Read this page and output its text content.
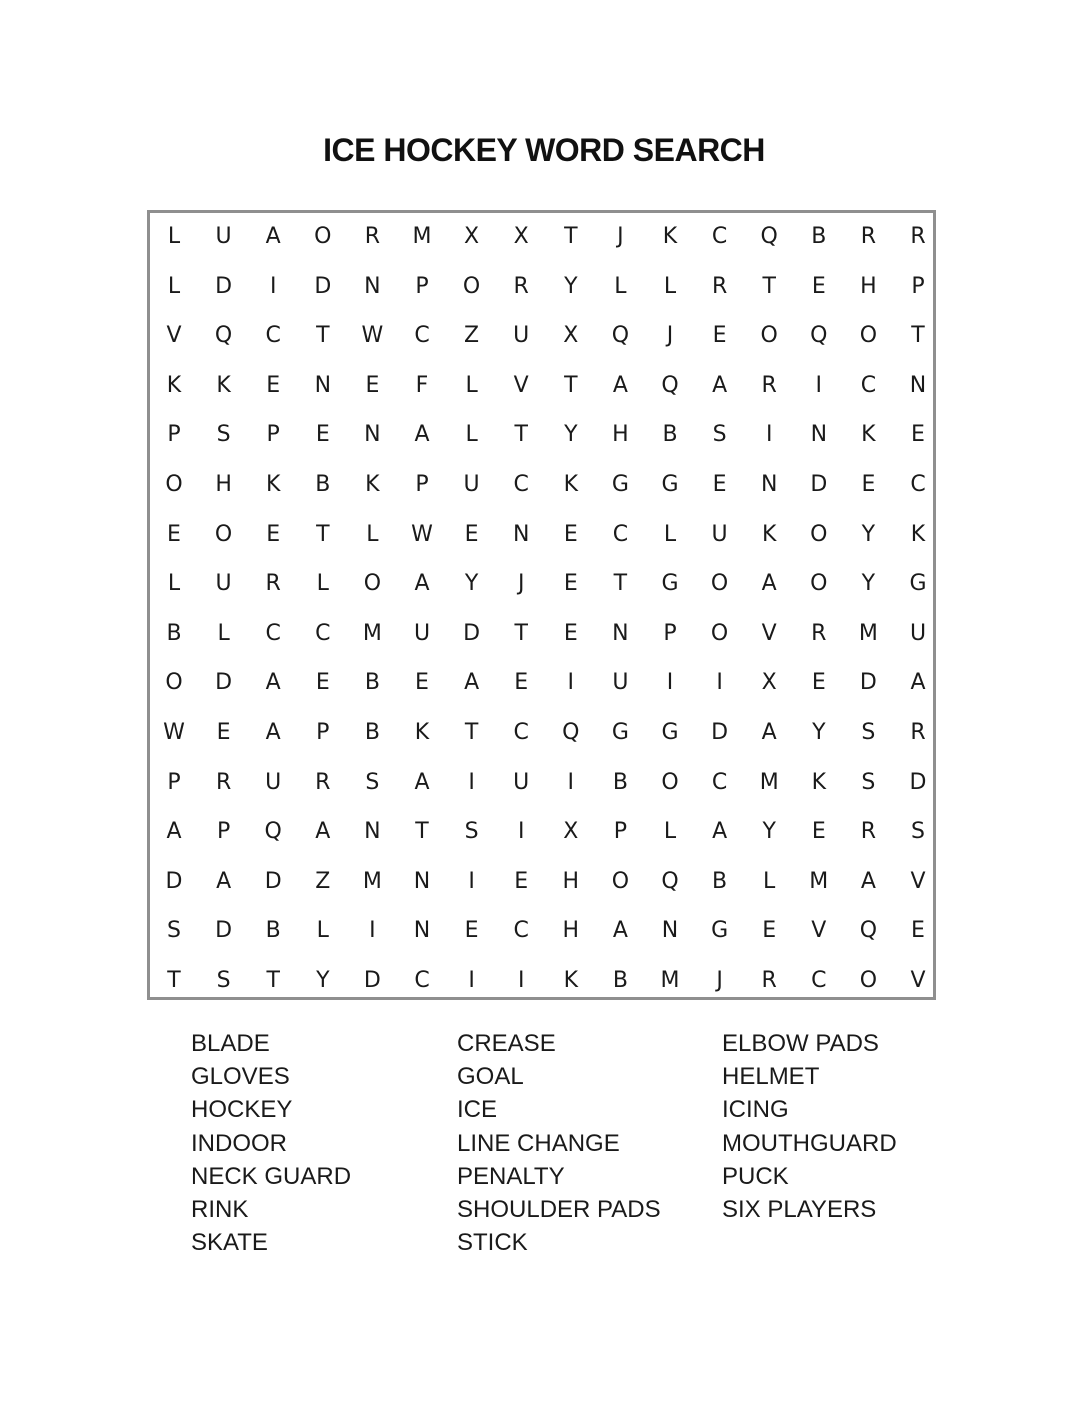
ICE HOCKEY WORD SEARCH
L	U	A	O	R	M	X	X	T	J	K	C	Q	B	R	R
L	D	I	D	N	P	O	R	Y	L	L	R	T	E	H	P
V	Q	C	T	W	C	Z	U	X	Q	J	E	O	Q	O	T
K	K	E	N	E	F	L	V	T	A	Q	A	R	I	C	N
P	S	P	E	N	A	L	T	Y	H	B	S	I	N	K	E
O	H	K	B	K	P	U	C	K	G	G	E	N	D	E	C
E	O	E	T	L	W	E	N	E	C	L	U	K	O	Y	K
L	U	R	L	O	A	Y	J	E	T	G	O	A	O	Y	G
B	L	C	C	M	U	D	T	E	N	P	O	V	R	M	U
O	D	A	E	B	E	A	E	I	U	I	I	X	E	D	A
W	E	A	P	B	K	T	C	Q	G	G	D	A	Y	S	R
P	R	U	R	S	A	I	U	I	B	O	C	M	K	S	D
A	P	Q	A	N	T	S	I	X	P	L	A	Y	E	R	S
D	A	D	Z	M	N	I	E	H	O	Q	B	L	M	A	V
S	D	B	L	I	N	E	C	H	A	N	G	E	V	Q	E
T	S	T	Y	D	C	I	I	K	B	M	J	R	C	O	V
BLADE
GLOVES
HOCKEY
INDOOR
NECK GUARD
RINK
SKATE
CREASE
GOAL
ICE
LINE CHANGE
PENALTY
SHOULDER PADS
STICK
ELBOW PADS
HELMET
ICING
MOUTHGUARD
PUCK
SIX PLAYERS
